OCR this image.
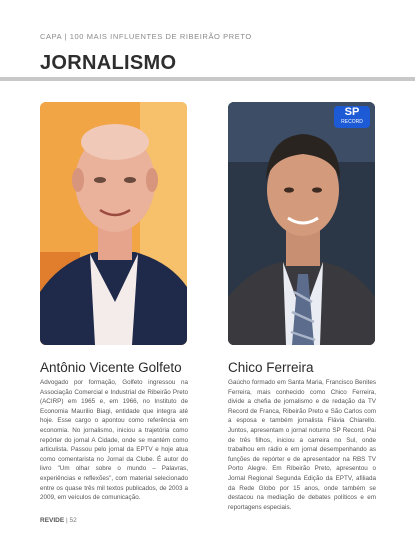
CAPA | 100 MAIS INFLUENTES DE RIBEIRÃO PRETO
JORNALISMO
SP
RECORD
Antônio Vicente Golfeto
Advogado por formação, Golfeto ingressou na Associação Comercial e Industrial de Ribeirão Preto (ACIRP) em 1965 e, em 1966, no Instituto de Economia Maurilio Biagi, entidade que integra até hoje. Esse cargo o apontou como referência em economia. No jornalismo, iniciou a trajetória como repórter do jornal A Cidade, onde se mantém como articulista. Passou pelo jornal da EPTV e hoje atua como comentarista no Jornal da Clube. É autor do livro "Um olhar sobre o mundo – Palavras, experiências e reflexões", com material selecionado entre os quase três mil textos publicados, de 2003 a 2009, em veículos de comunicação.
Chico Ferreira
Gaúcho formado em Santa Maria, Francisco Benites Ferreira, mais conhecido como Chico Ferreira, divide a chefia de jornalismo e de redação da TV Record de Franca, Ribeirão Preto e São Carlos com a esposa e também jornalista Flávia Chiarello. Juntos, apresentam o jornal noturno SP Record. Pai de três filhos, iniciou a carreira no Sul, onde trabalhou em rádio e em jornal desempenhando as funções de repórter e de apresentador na RBS TV Porto Alegre. Em Ribeirão Preto, apresentou o Jornal Regional Segunda Edição da EPTV, afiliada da Rede Globo por 15 anos, onde também se destacou na mediação de debates políticos e em reportagens especiais.
REVIDE | 52
